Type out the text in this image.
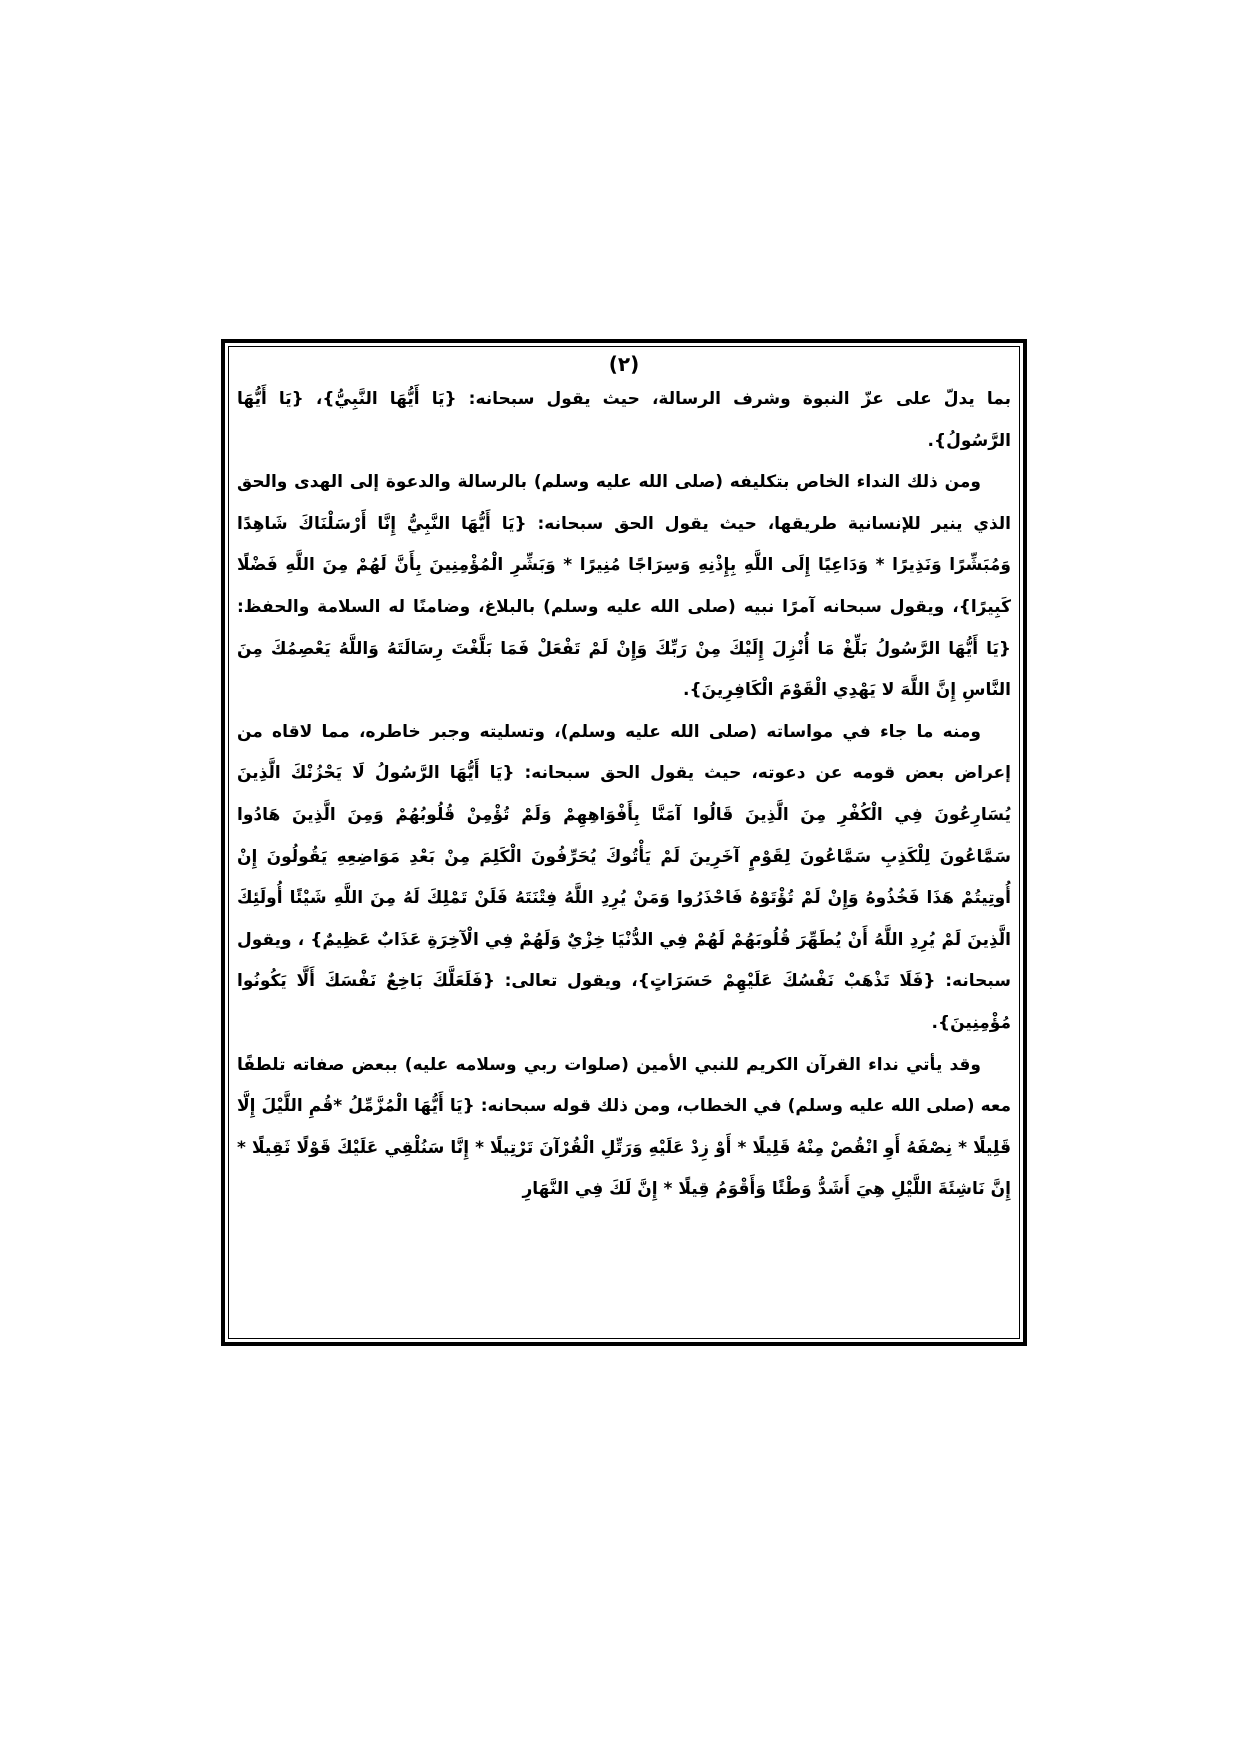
(٢)

بما يدلّ على عزّ النبوة وشرف الرسالة، حيث يقول سبحانه: {يَا أَيُّهَا النَّبِيُّ}، {يَا أَيُّهَا الرَّسُولُ}.

ومن ذلك النداء الخاص بتكليفه (صلى الله عليه وسلم) بالرسالة والدعوة إلى الهدى والحق الذي ينير للإنسانية طريقها، حيث يقول الحق سبحانه: {يَا أَيُّهَا النَّبِيُّ إِنَّا أَرْسَلْنَاكَ شَاهِدًا وَمُبَشِّرًا وَنَذِيرًا * وَدَاعِيًا إِلَى اللَّهِ بِإِذْنِهِ وَسِرَاجًا مُنِيرًا * وَبَشِّرِ الْمُؤْمِنِينَ بِأَنَّ لَهُمْ مِنَ اللَّهِ فَضْلًا كَبِيرًا}، ويقول سبحانه آمرًا نبيه (صلى الله عليه وسلم) بالبلاغ، وضامنًا له السلامة والحفظ: {يَا أَيُّهَا الرَّسُولُ بَلِّغْ مَا أُنْزِلَ إِلَيْكَ مِنْ رَبِّكَ وَإِنْ لَمْ تَفْعَلْ فَمَا بَلَّغْتَ رِسَالَتَهُ وَاللَّهُ يَعْصِمُكَ مِنَ النَّاسِ إِنَّ اللَّهَ لا يَهْدِي الْقَوْمَ الْكَافِرِينَ}.

ومنه ما جاء في مواساته (صلى الله عليه وسلم)، وتسليته وجبر خاطره، مما لاقاه من إعراض بعض قومه عن دعوته، حيث يقول الحق سبحانه: {يَا أَيُّهَا الرَّسُولُ لَا يَحْزُنْكَ الَّذِينَ يُسَارِعُونَ فِي الْكُفْرِ مِنَ الَّذِينَ قَالُوا آمَنَّا بِأَفْوَاهِهِمْ وَلَمْ تُؤْمِنْ قُلُوبُهُمْ وَمِنَ الَّذِينَ هَادُوا سَمَّاعُونَ لِلْكَذِبِ سَمَّاعُونَ لِقَوْمٍ آخَرِينَ لَمْ يَأْتُوكَ يُحَرِّفُونَ الْكَلِمَ مِنْ بَعْدِ مَوَاضِعِهِ يَقُولُونَ إِنْ أُوتِيتُمْ هَذَا فَخُذُوهُ وَإِنْ لَمْ تُؤْتَوْهُ فَاحْذَرُوا وَمَنْ يُرِدِ اللَّهُ فِتْنَتَهُ فَلَنْ تَمْلِكَ لَهُ مِنَ اللَّهِ شَيْئًا أُولَئِكَ الَّذِينَ لَمْ يُرِدِ اللَّهُ أَنْ يُطَهِّرَ قُلُوبَهُمْ لَهُمْ فِي الدُّنْيَا خِزْيٌ وَلَهُمْ فِي الْآخِرَةِ عَذَابٌ عَظِيمٌ} ، ويقول سبحانه: {فَلَا تَذْهَبْ نَفْسُكَ عَلَيْهِمْ حَسَرَاتٍ}، ويقول تعالى: {فَلَعَلَّكَ بَاخِعٌ نَفْسَكَ أَلَّا يَكُونُوا مُؤْمِنِينَ}.

وقد يأتي نداء القرآن الكريم للنبي الأمين (صلوات ربي وسلامه عليه) ببعض صفاته تلطفًا معه (صلى الله عليه وسلم) في الخطاب، ومن ذلك قوله سبحانه: {يَا أَيُّهَا الْمُزَّمِّلُ *قُمِ اللَّيْلَ إِلَّا قَلِيلًا * نِصْفَهُ أَوِ انْقُصْ مِنْهُ قَلِيلًا * أَوْ زِدْ عَلَيْهِ وَرَتِّلِ الْقُرْآنَ تَرْتِيلًا * إِنَّا سَنُلْقِي عَلَيْكَ قَوْلًا ثَقِيلًا * إِنَّ نَاشِئَةَ اللَّيْلِ هِيَ أَشَدُّ وَطْئًا وَأَقْوَمُ قِيلًا * إِنَّ لَكَ فِي النَّهَارِ
